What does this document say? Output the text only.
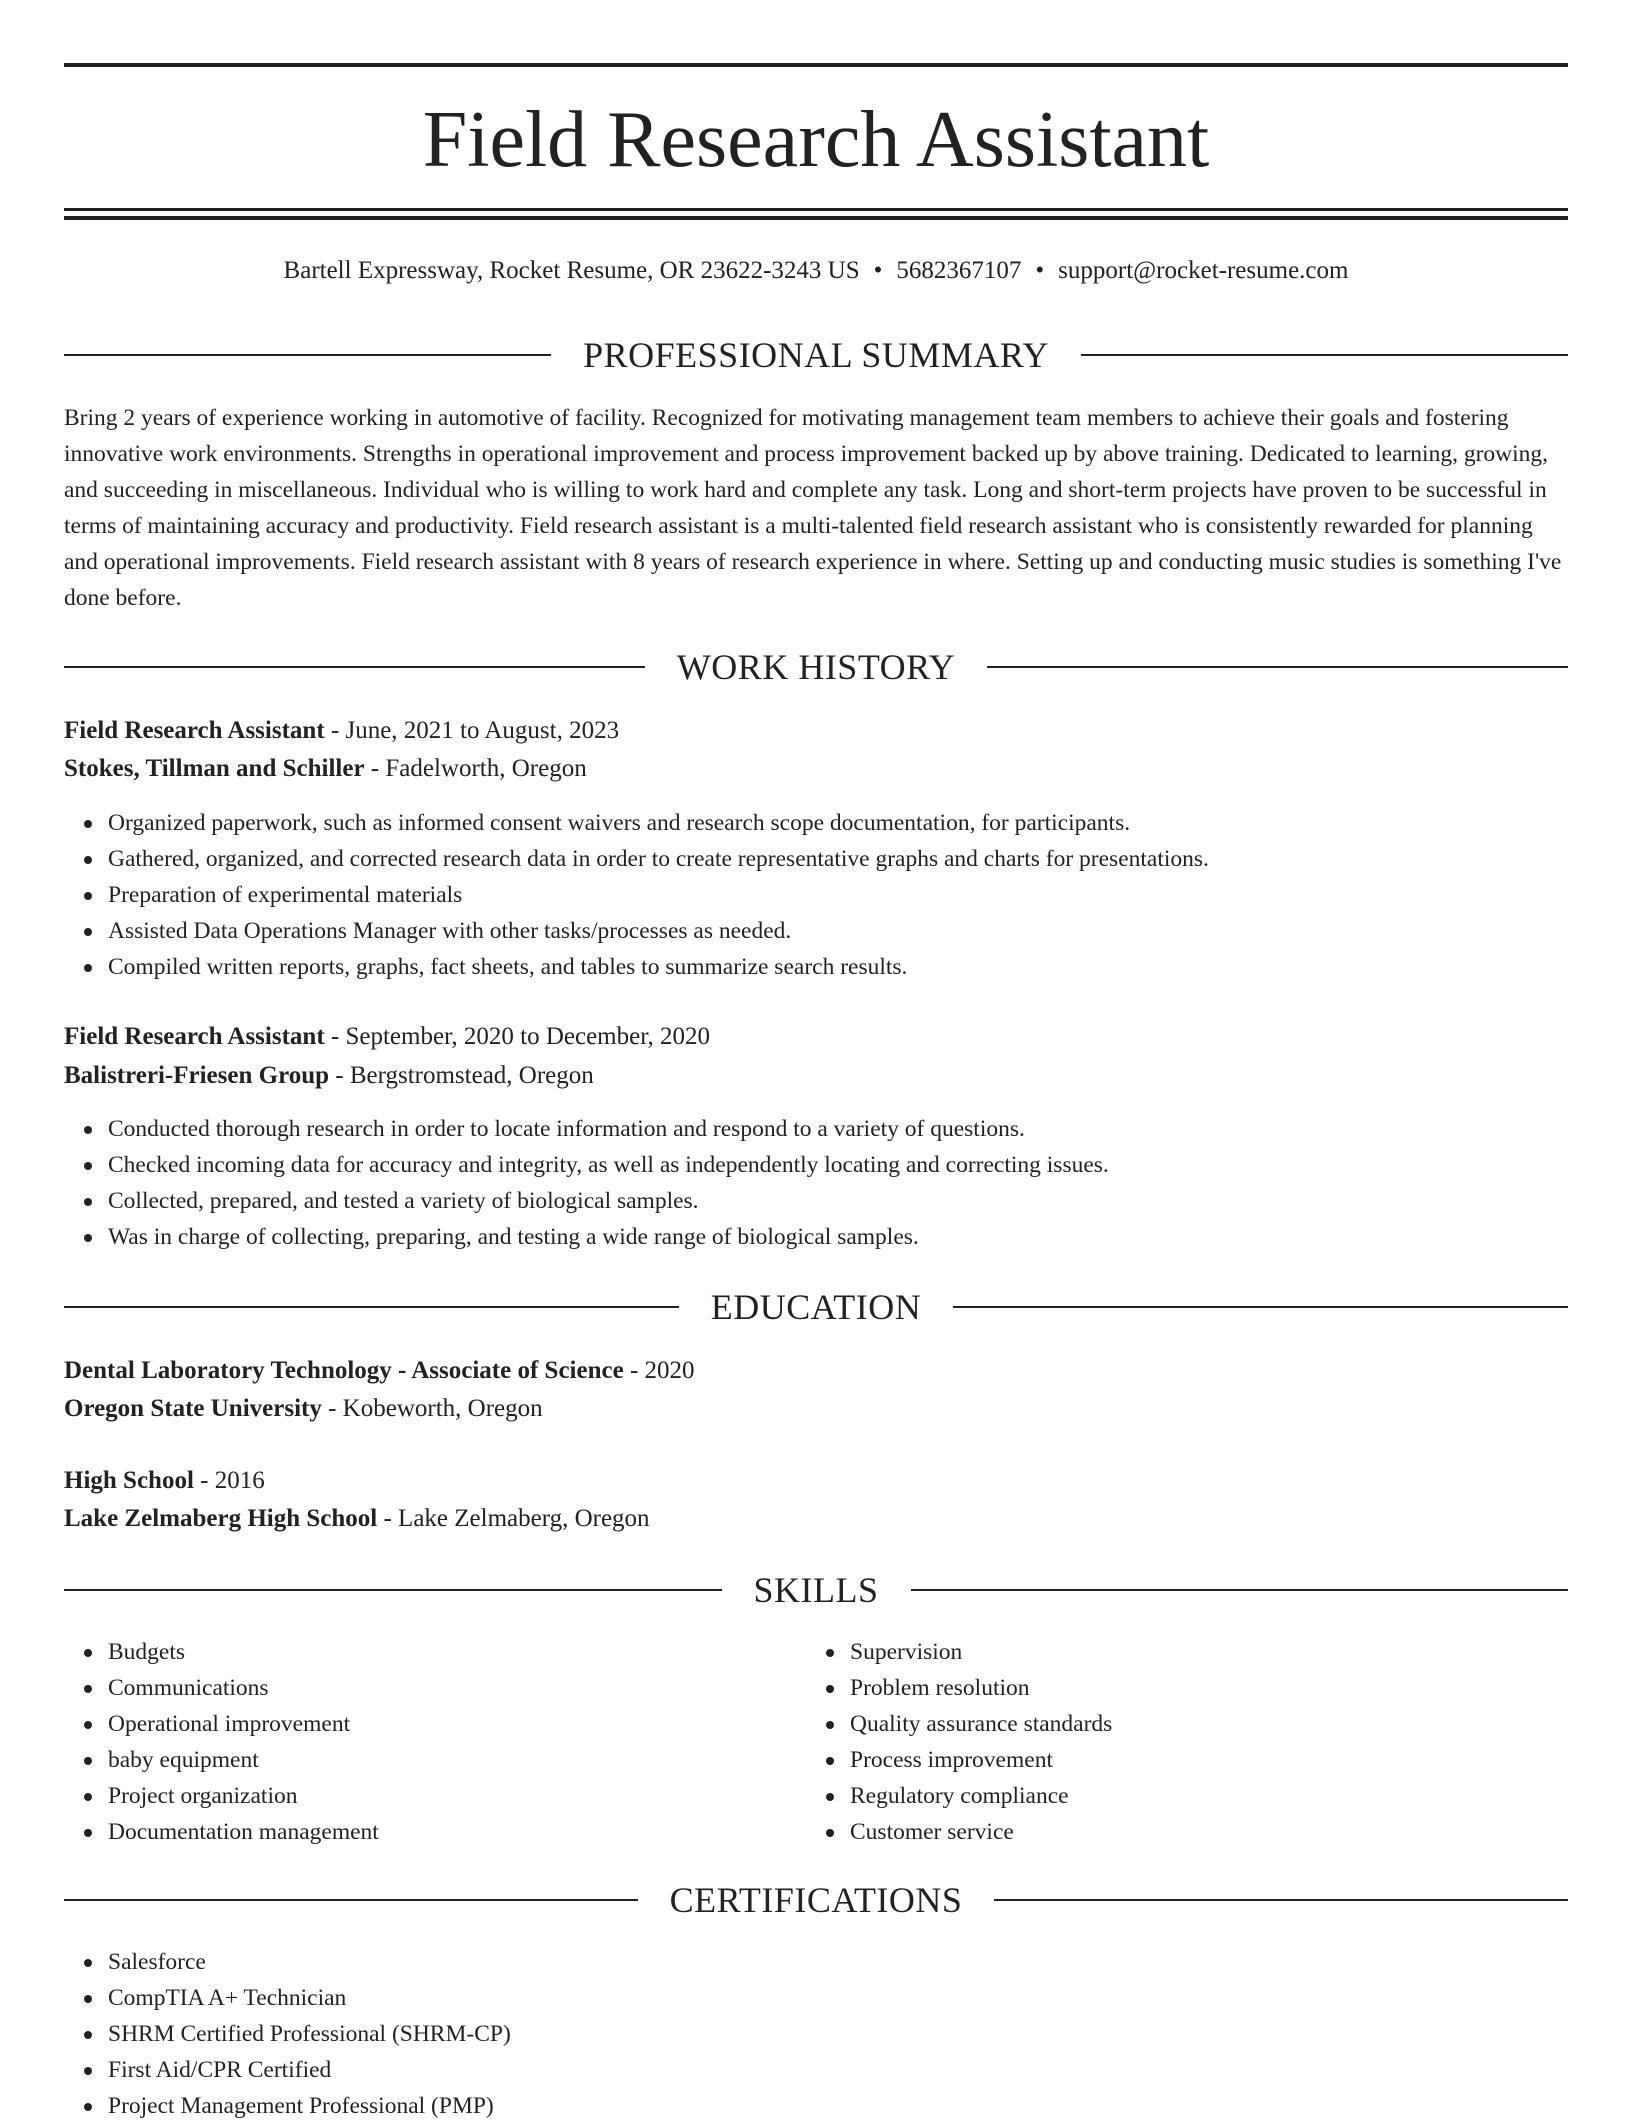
Field Research Assistant
Bartell Expressway, Rocket Resume, OR 23622-3243 US • 5682367107 • support@rocket-resume.com
PROFESSIONAL SUMMARY

Bring 2 years of experience working in automotive of facility. Recognized for motivating management team members to achieve their goals and fostering innovative work environments. Strengths in operational improvement and process improvement backed up by above training. Dedicated to learning, growing, and succeeding in miscellaneous. Individual who is willing to work hard and complete any task. Long and short-term projects have proven to be successful in terms of maintaining accuracy and productivity. Field research assistant is a multi-talented field research assistant who is consistently rewarded for planning and operational improvements. Field research assistant with 8 years of research experience in where. Setting up and conducting music studies is something I've done before.

WORK HISTORY
Field Research Assistant - June, 2021 to August, 2023
Stokes, Tillman and Schiller - Fadelworth, Oregon
Organized paperwork, such as informed consent waivers and research scope documentation, for participants.
Gathered, organized, and corrected research data in order to create representative graphs and charts for presentations.
Preparation of experimental materials
Assisted Data Operations Manager with other tasks/processes as needed.
Compiled written reports, graphs, fact sheets, and tables to summarize search results.
Field Research Assistant - September, 2020 to December, 2020
Balistreri-Friesen Group - Bergstromstead, Oregon
Conducted thorough research in order to locate information and respond to a variety of questions.
Checked incoming data for accuracy and integrity, as well as independently locating and correcting issues.
Collected, prepared, and tested a variety of biological samples.
Was in charge of collecting, preparing, and testing a wide range of biological samples.
EDUCATION
Dental Laboratory Technology - Associate of Science - 2020
Oregon State University - Kobeworth, Oregon
High School - 2016
Lake Zelmaberg High School - Lake Zelmaberg, Oregon
SKILLS
Budgets
Communications
Operational improvement
baby equipment
Project organization
Documentation management
Supervision
Problem resolution
Quality assurance standards
Process improvement
Regulatory compliance
Customer service
CERTIFICATIONS
Salesforce
CompTIA A+ Technician
SHRM Certified Professional (SHRM-CP)
First Aid/CPR Certified
Project Management Professional (PMP)
